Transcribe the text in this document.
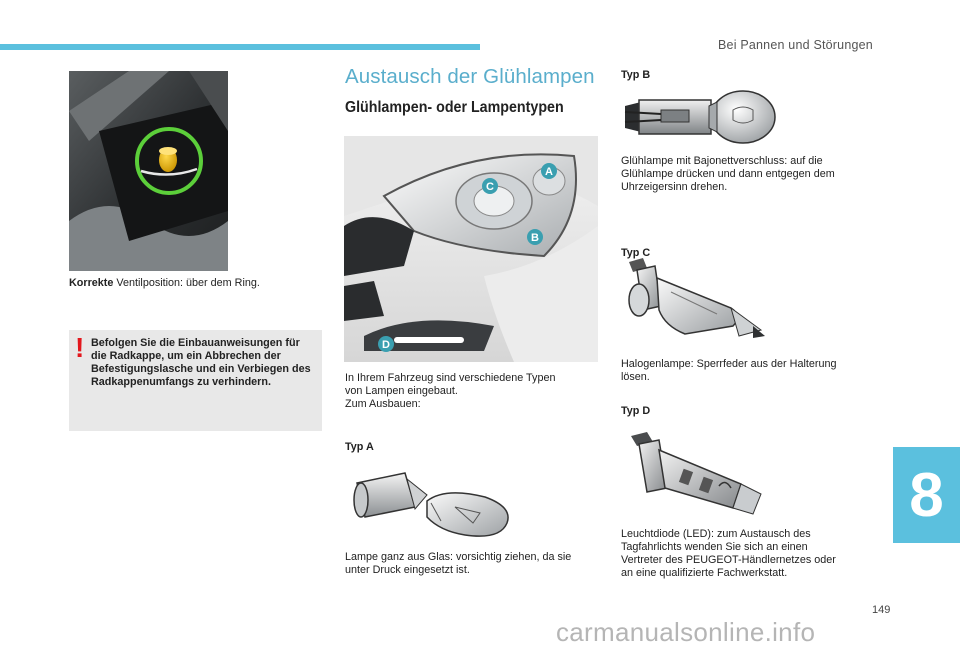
Bei Pannen und Störungen
8
149
Korrekte Ventilposition: über dem Ring.
! Befolgen Sie die Einbauanweisungen für die Radkappe, um ein Abbrechen der Befestigungslasche und ein Verbiegen des Radkappenumfangs zu verhindern.
Austausch der Glühlampen
Glühlampen- oder Lampentypen
A
B
C
D
In Ihrem Fahrzeug sind verschiedene Typen
von Lampen eingebaut.
Zum Ausbauen:
Typ A
Lampe ganz aus Glas: vorsichtig ziehen, da sie
unter Druck eingesetzt ist.
Typ B
Glühlampe mit Bajonettverschluss: auf die
Glühlampe drücken und dann entgegen dem
Uhrzeigersinn drehen.
Typ C
Halogenlampe: Sperrfeder aus der Halterung
lösen.
Typ D
Leuchtdiode (LED): zum Austausch des
Tagfahrlichts wenden Sie sich an einen
Vertreter des PEUGEOT-Händlernetzes oder
an eine qualifizierte Fachwerkstatt.
carmanualsonline.info
